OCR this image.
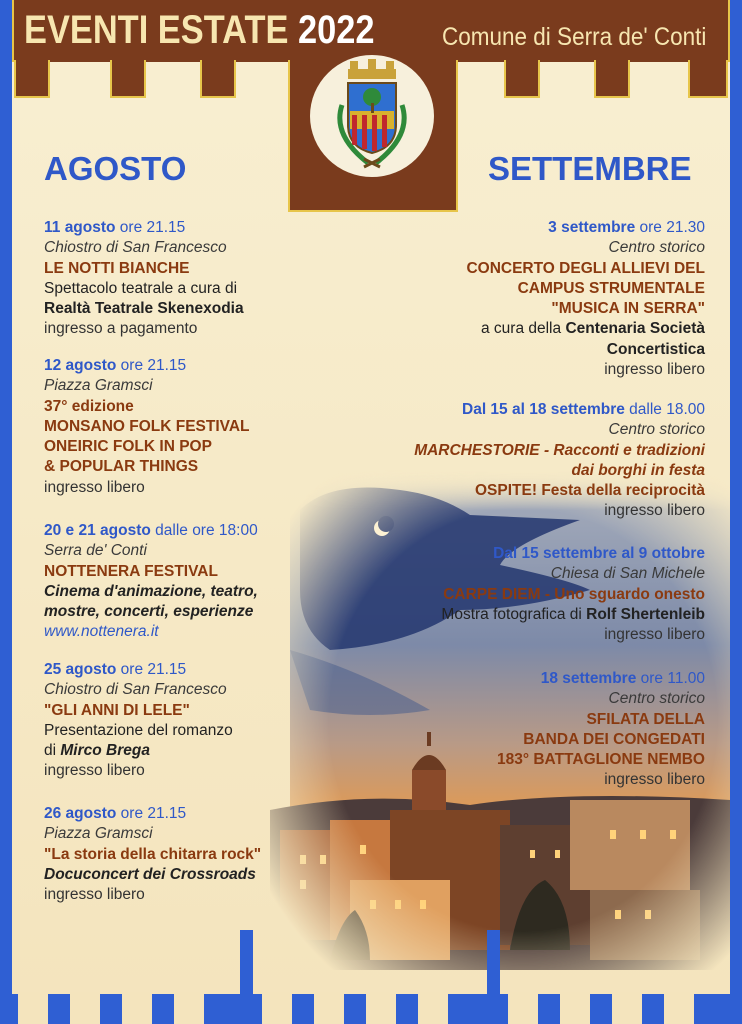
EVENTI ESTATE 2022	Comune di Serra de' Conti
AGOSTO	SETTEMBRE
11 agosto ore 21.15
Chiostro di San Francesco
LE NOTTI BIANCHE
Spettacolo teatrale a cura di
Realtà Teatrale Skenexodia
ingresso a pagamento
12 agosto ore 21.15
Piazza Gramsci
37° edizione
MONSANO FOLK FESTIVAL
ONEIRIC FOLK IN POP
& POPULAR THINGS
ingresso libero
20 e 21 agosto dalle ore 18:00
Serra de' Conti
NOTTENERA FESTIVAL
Cinema d'animazione, teatro,
mostre, concerti, esperienze
www.nottenera.it
25 agosto ore 21.15
Chiostro di San Francesco
"GLI ANNI DI LELE"
Presentazione del romanzo
di Mirco Brega
ingresso libero
26 agosto ore 21.15
Piazza Gramsci
"La storia della chitarra rock"
Docuconcert dei Crossroads
ingresso libero
3 settembre ore 21.30
Centro storico
CONCERTO DEGLI ALLIEVI DEL
CAMPUS STRUMENTALE
"MUSICA IN SERRA"
a cura della Centenaria Società
Concertistica
ingresso libero
Dal 15 al 18 settembre dalle 18.00
Centro storico
MARCHESTORIE - Racconti e tradizioni
dai borghi in festa
OSPITE! Festa della reciprocità
ingresso libero
Dal 15 settembre al 9 ottobre
Chiesa di San Michele
CARPE DIEM - Uno sguardo onesto
Mostra fotografica di Rolf Shertenleib
ingresso libero
18 settembre ore 11.00
Centro storico
SFILATA DELLA
BANDA DEI CONGEDATI
183° BATTAGLIONE NEMBO
ingresso libero
